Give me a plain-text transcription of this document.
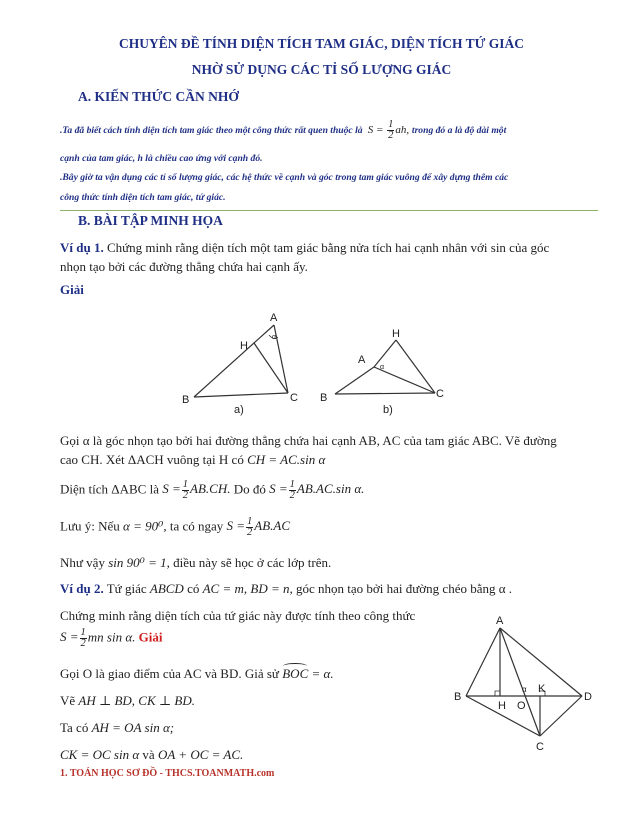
CHUYÊN ĐỀ TÍNH DIỆN TÍCH TAM GIÁC, DIỆN TÍCH TỨ GIÁC
NHỜ SỬ DỤNG CÁC TỈ SỐ LƯỢNG GIÁC
A. KIẾN THỨC CẦN NHỚ
.Ta đã biết cách tính diện tích tam giác theo một công thức rất quen thuộc là  $S = \frac{1}{2}$ ah, trong đó a là độ dài một
cạnh của tam giác, h là chiều cao ứng với cạnh đó.
.Bây giờ ta vận dụng các tỉ số lượng giác, các hệ thức về cạnh và góc trong tam giác vuông để xây dựng thêm các
công thức tính diện tích tam giác, tứ giác.
B. BÀI TẬP MINH HỌA
Ví dụ 1. Chứng minh rằng diện tích một tam giác bằng nửa tích hai cạnh nhân với sin của góc
nhọn tạo bởi các đường thẳng chứa hai cạnh ấy.
Giải
A
H
B	C
α
a)
H
A
B	C
α
b)
Gọi α là góc nhọn tạo bởi hai đường thẳng chứa hai cạnh AB, AC của tam giác ABC. Vẽ đường
cao CH. Xét ΔACH vuông tại H có CH = AC.sin α
Diện tích ΔABC là $S = \frac{1}{2} AB.CH$. Do đó $S = \frac{1}{2} AB.AC.\sin$ α.
Lưu ý: Nếu α = 90⁰, ta có ngay $S = \frac{1}{2} AB.AC$
Như vậy sin 90⁰ = 1, điều này sẽ học ở các lớp trên.
Ví dụ 2. Tứ giác ABCD có AC = m, BD = n, góc nhọn tạo bởi hai đường chéo bằng α .
Chứng minh rằng diện tích của tứ giác này được tính theo công thức
$S = \frac{1}{2}$ mn sin α. Giải
Gọi O là giao điểm của AC và BD. Giả sử BOC = α.
Vẽ AH ⊥ BD, CK ⊥ BD.
Ta có AH = OA sin α;
CK = OC sin α và OA + OC = AC.
A
B
C
D
H O
K
α
1. TOÁN HỌC SƠ ĐỒ - THCS.TOANMATH.com
